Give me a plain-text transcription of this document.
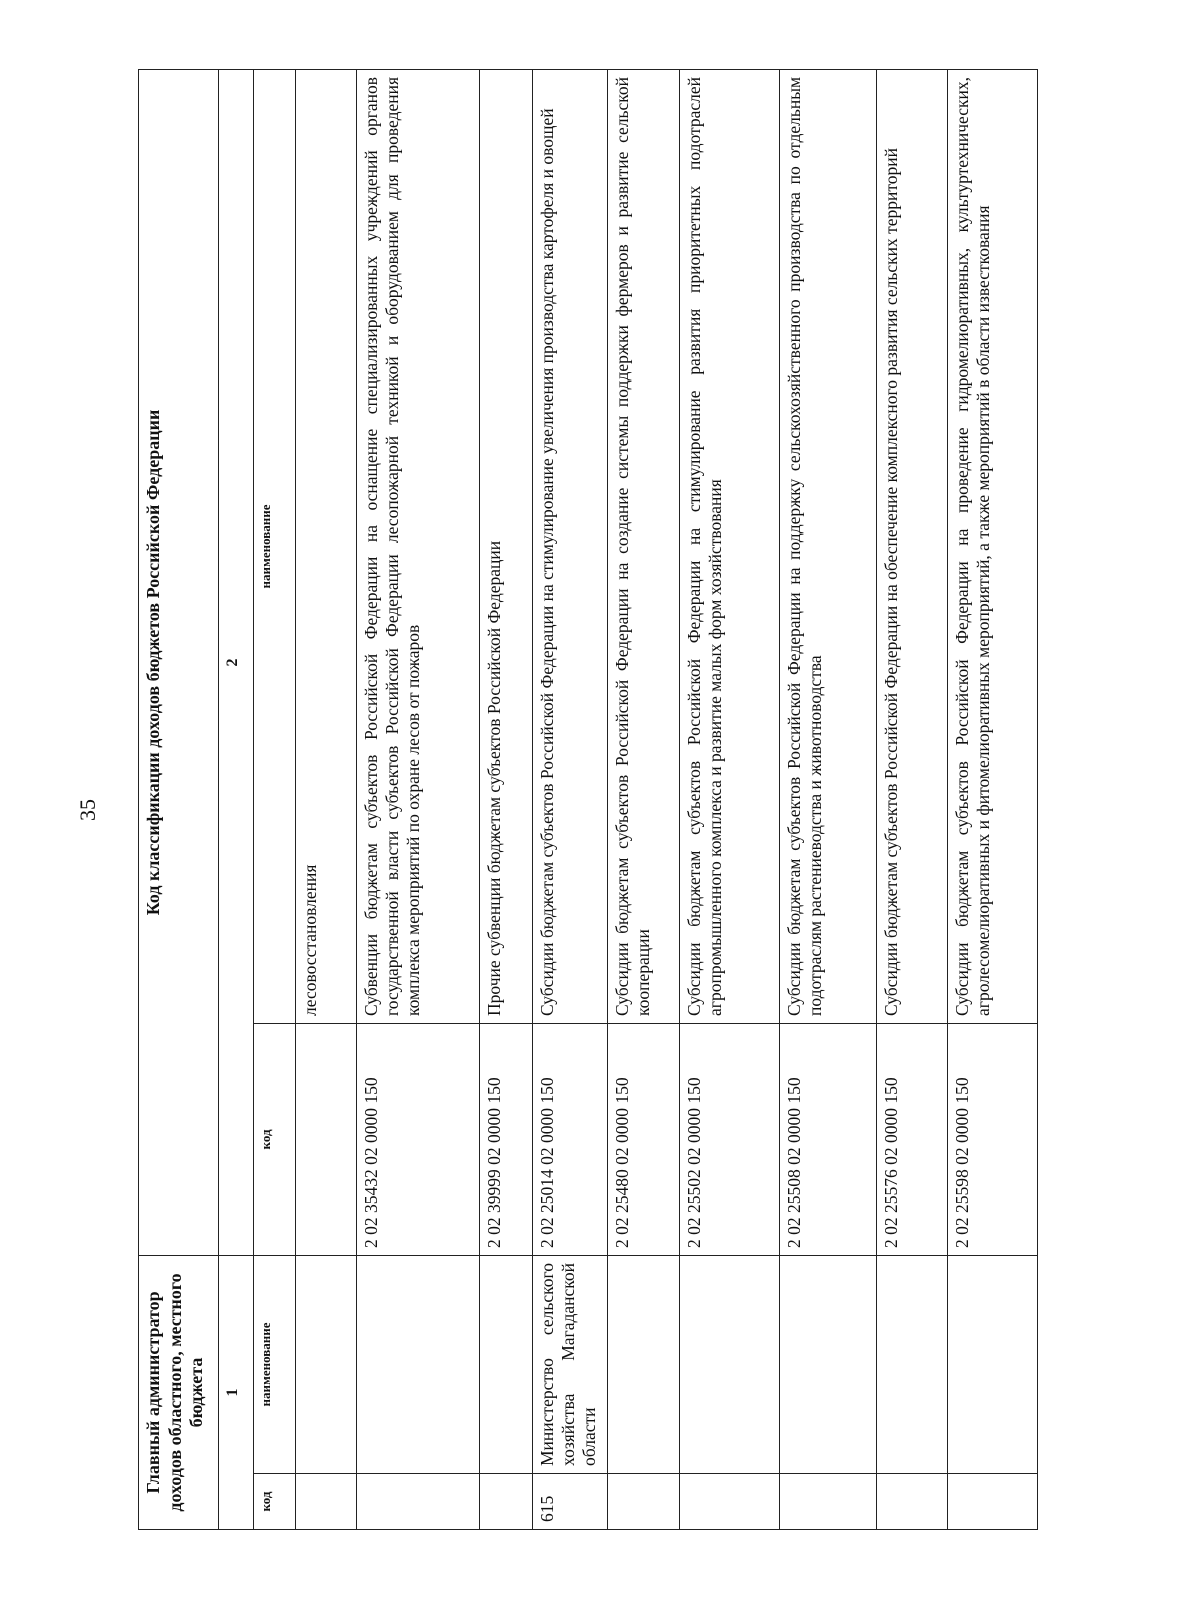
35
Главный администратор доходов областного, местного бюджета		Код классификации доходов бюджетов Российской Федерации	
1		2	
код	наименование	код	наименование
			лесовосстановления
		2 02 35432 02 0000 150	Субвенции бюджетам субъектов Российской Федерации на оснащение специализированных учреждений органов государственной власти субъектов Российской Федерации лесопожарной техникой и оборудованием для проведения комплекса мероприятий по охране лесов от пожаров
		2 02 39999 02 0000 150	Прочие субвенции бюджетам субъектов Российской Федерации
615	Министерство сельского хозяйства Магаданской области	2 02 25014 02 0000 150	Субсидии бюджетам субъектов Российской Федерации на стимулирование увеличения производства картофеля и овощей
		2 02 25480 02 0000 150	Субсидии бюджетам субъектов Российской Федерации на создание системы поддержки фермеров и развитие сельской кооперации
		2 02 25502 02 0000 150	Субсидии бюджетам субъектов Российской Федерации на стимулирование развития приоритетных подотраслей агропромышленного комплекса и развитие малых форм хозяйствования
		2 02 25508 02 0000 150	Субсидии бюджетам субъектов Российской Федерации на поддержку сельскохозяйственного производства по отдельным подотраслям растениеводства и животноводства
		2 02 25576 02 0000 150	Субсидии бюджетам субъектов Российской Федерации на обеспечение комплексного развития сельских территорий
		2 02 25598 02 0000 150	Субсидии бюджетам субъектов Российской Федерации на проведение гидромелиоративных, культуртехнических, агролесомелиоративных и фитомелиоративных мероприятий, а также мероприятий в области известкования
